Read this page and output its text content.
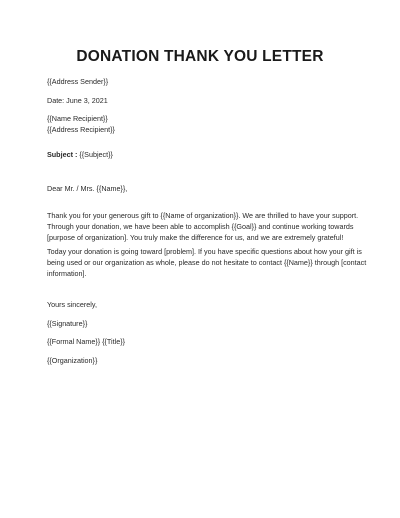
DONATION THANK YOU LETTER
{{Address Sender}}
Date: June 3, 2021
{{Name Recipient}}
{{Address Recipient}}
Subject : {{Subject}}
Dear Mr. / Mrs. {{Name}},
Thank you for your generous gift to {{Name of organization}}. We are thrilled to have your support.
Through your donation, we have been able to accomplish {{Goal}} and continue working towards
[purpose of organization]. You truly make the difference for us, and we are extremely grateful!
Today your donation is going toward [problem]. If you have specific questions about how your gift is
being used or our organization as whole, please do not hesitate to contact {{Name}} through [contact
information].
Yours sincerely,
{{Signature}}
{{Formal Name}} {{Title}}
{{Organization}}
